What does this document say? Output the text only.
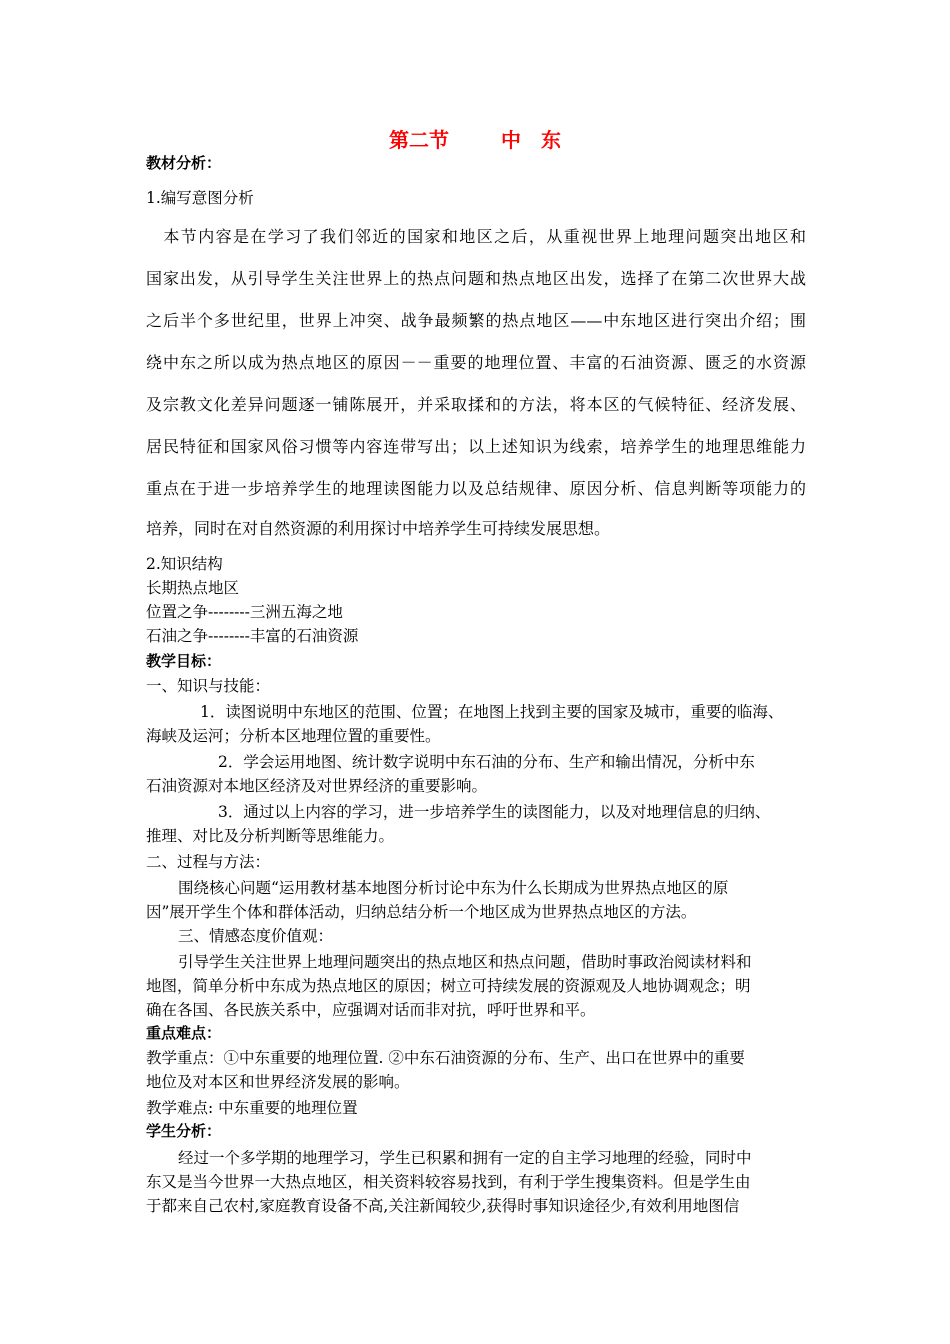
第二节	中　东
教材分析：
1.编写意图分析
　本节内容是在学习了我们邻近的国家和地区之后，从重视世界上地理问题突出地区和
国家出发，从引导学生关注世界上的热点问题和热点地区出发，选择了在第二次世界大战
之后半个多世纪里，世界上冲突、战争最频繁的热点地区——中东地区进行突出介绍；围
绕中东之所以成为热点地区的原因－－重要的地理位置、丰富的石油资源、匮乏的水资源
及宗教文化差异问题逐一铺陈展开，并采取揉和的方法，将本区的气候特征、经济发展、
居民特征和国家风俗习惯等内容连带写出；以上述知识为线索，培养学生的地理思维能力
重点在于进一步培养学生的地理读图能力以及总结规律、原因分析、信息判断等项能力的
培养，同时在对自然资源的利用探讨中培养学生可持续发展思想。
2.知识结构
长期热点地区
位置之争--------三洲五海之地
石油之争--------丰富的石油资源
教学目标：
一、知识与技能：
1．读图说明中东地区的范围、位置；在地图上找到主要的国家及城市，重要的临海、
海峡及运河；分析本区地理位置的重要性。
2．学会运用地图、统计数字说明中东石油的分布、生产和输出情况，分析中东
石油资源对本地区经济及对世界经济的重要影响。
3．通过以上内容的学习，进一步培养学生的读图能力，以及对地理信息的归纳、
推理、对比及分析判断等思维能力。
二、过程与方法：
围绕核心问题“运用教材基本地图分析讨论中东为什么长期成为世界热点地区的原
因”展开学生个体和群体活动，归纳总结分析一个地区成为世界热点地区的方法。
三、情感态度价值观：
引导学生关注世界上地理问题突出的热点地区和热点问题，借助时事政治阅读材料和
地图，简单分析中东成为热点地区的原因；树立可持续发展的资源观及人地协调观念；明
确在各国、各民族关系中，应强调对话而非对抗，呼吁世界和平。
重点难点：
教学重点：①中东重要的地理位置. ②中东石油资源的分布、生产、出口在世界中的重要
地位及对本区和世界经济发展的影响。
教学难点: 中东重要的地理位置
学生分析：
经过一个多学期的地理学习，学生已积累和拥有一定的自主学习地理的经验，同时中
东又是当今世界一大热点地区，相关资料较容易找到，有利于学生搜集资料。但是学生由
于都来自己农村,家庭教育设备不高,关注新闻较少,获得时事知识途径少,有效利用地图信
